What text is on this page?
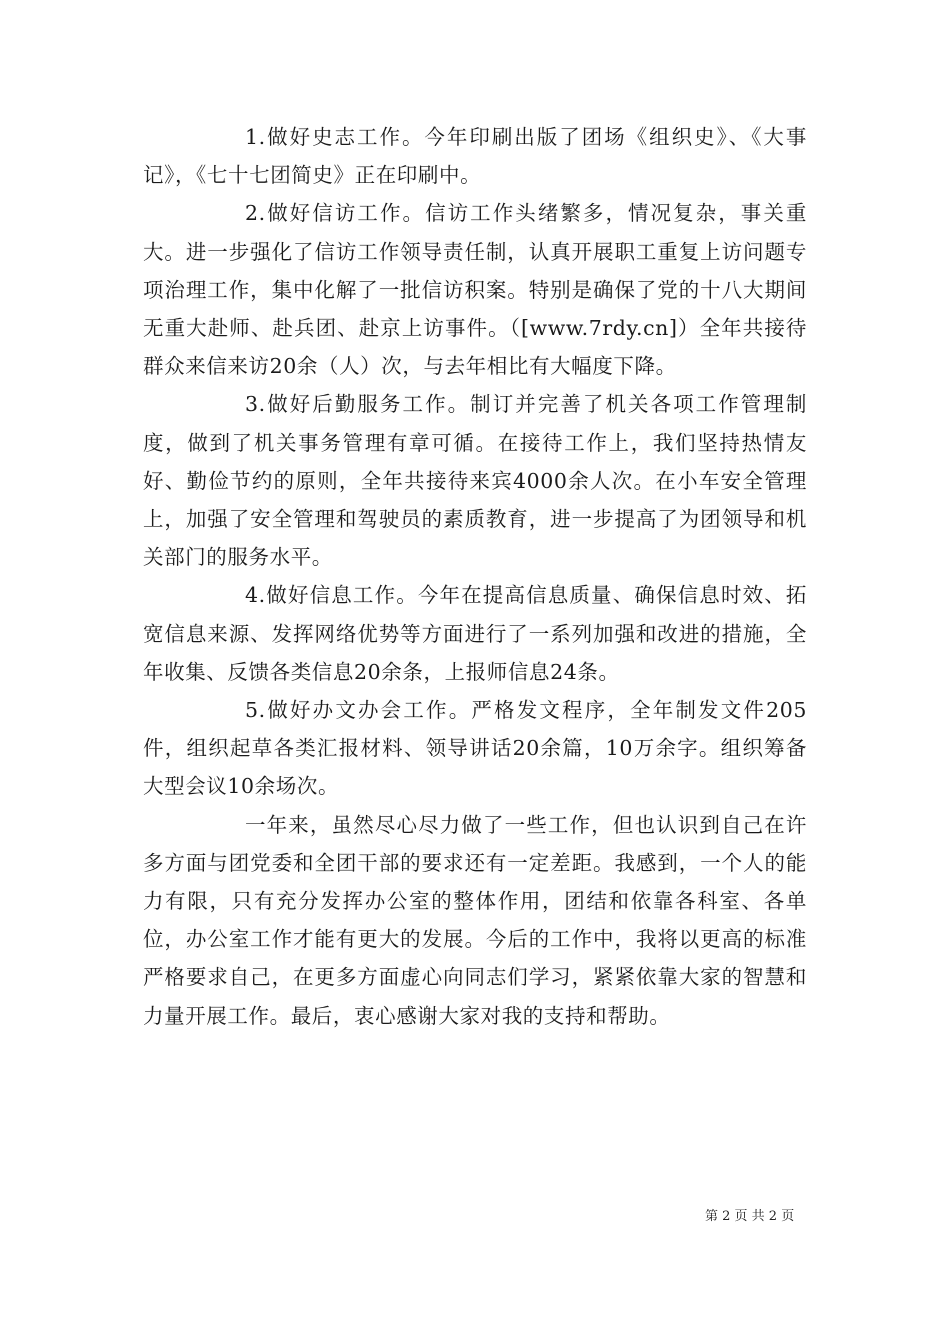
1.做好史志工作。今年印刷出版了团场《组织史》、《大事记》，《七十七团简史》正在印刷中。

2.做好信访工作。信访工作头绪繁多，情况复杂，事关重大。进一步强化了信访工作领导责任制，认真开展职工重复上访问题专项治理工作，集中化解了一批信访积案。特别是确保了党的十八大期间无重大赴师、赴兵团、赴京上访事件。（[www.7rdy.cn]）全年共接待群众来信来访20余（人）次，与去年相比有大幅度下降。

3.做好后勤服务工作。制订并完善了机关各项工作管理制度，做到了机关事务管理有章可循。在接待工作上，我们坚持热情友好、勤俭节约的原则，全年共接待来宾4000余人次。在小车安全管理上，加强了安全管理和驾驶员的素质教育，进一步提高了为团领导和机关部门的服务水平。

4.做好信息工作。今年在提高信息质量、确保信息时效、拓宽信息来源、发挥网络优势等方面进行了一系列加强和改进的措施，全年收集、反馈各类信息20余条，上报师信息24条。

5.做好办文办会工作。严格发文程序，全年制发文件205件，组织起草各类汇报材料、领导讲话20余篇，10万余字。组织筹备大型会议10余场次。

一年来，虽然尽心尽力做了一些工作，但也认识到自己在许多方面与团党委和全团干部的要求还有一定差距。我感到，一个人的能力有限，只有充分发挥办公室的整体作用，团结和依靠各科室、各单位，办公室工作才能有更大的发展。今后的工作中，我将以更高的标准严格要求自己，在更多方面虚心向同志们学习，紧紧依靠大家的智慧和力量开展工作。最后，衷心感谢大家对我的支持和帮助。

第 2 页 共 2 页
